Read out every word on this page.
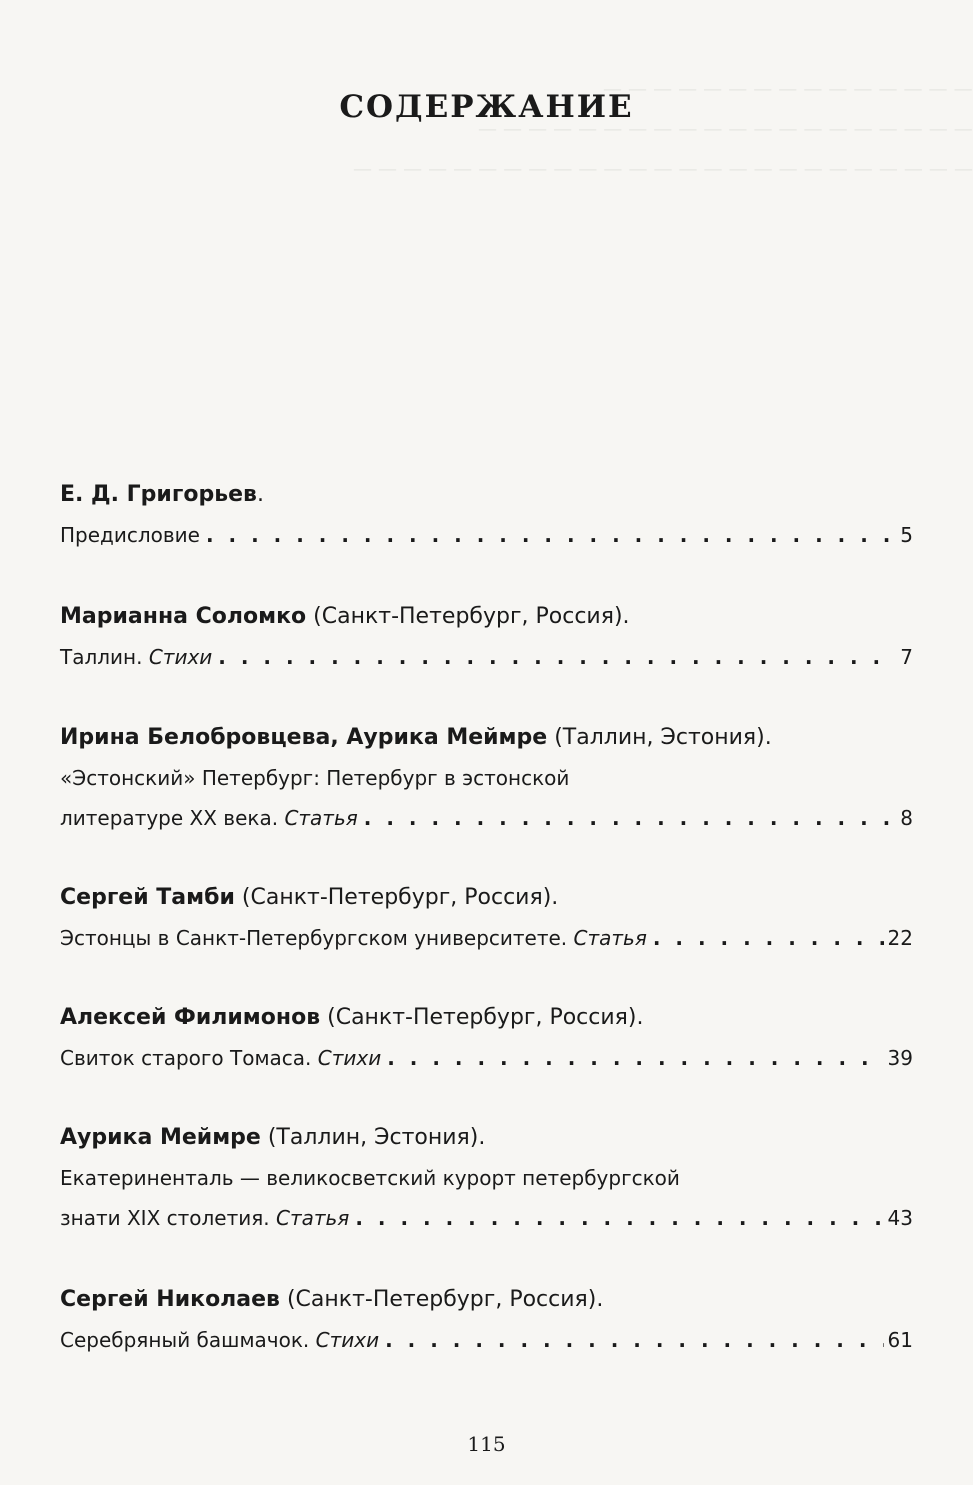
— — — — — — — — — — — — — — —
— — — — — — — — — — — — — — — — — — — —
— — — — — — — — — — — — — — — — — — — — — — — — —
СОДЕРЖАНИЕ
Е. Д. Григорьев.
Предисловие . . .	5
Марианна Соломко (Санкт-Петербург, Россия).
Таллин. Стихи . . .	7
Ирина Белобровцева, Аурика Меймре (Таллин, Эстония).
«Эстонский» Петербург: Петербург в эстонской
литературе XX века. Статья . . .	8
Сергей Тамби (Санкт-Петербург, Россия).
Эстонцы в Санкт-Петербургском университете. Статья . . .	22
Алексей Филимонов (Санкт-Петербург, Россия).
Свиток старого Томаса. Стихи . . .	39
Аурика Меймре (Таллин, Эстония).
Екатериненталь — великосветский курорт петербургской
знати XIX столетия. Статья . . .	43
Сергей Николаев (Санкт-Петербург, Россия).
Серебряный башмачок. Стихи . . .	61
115
